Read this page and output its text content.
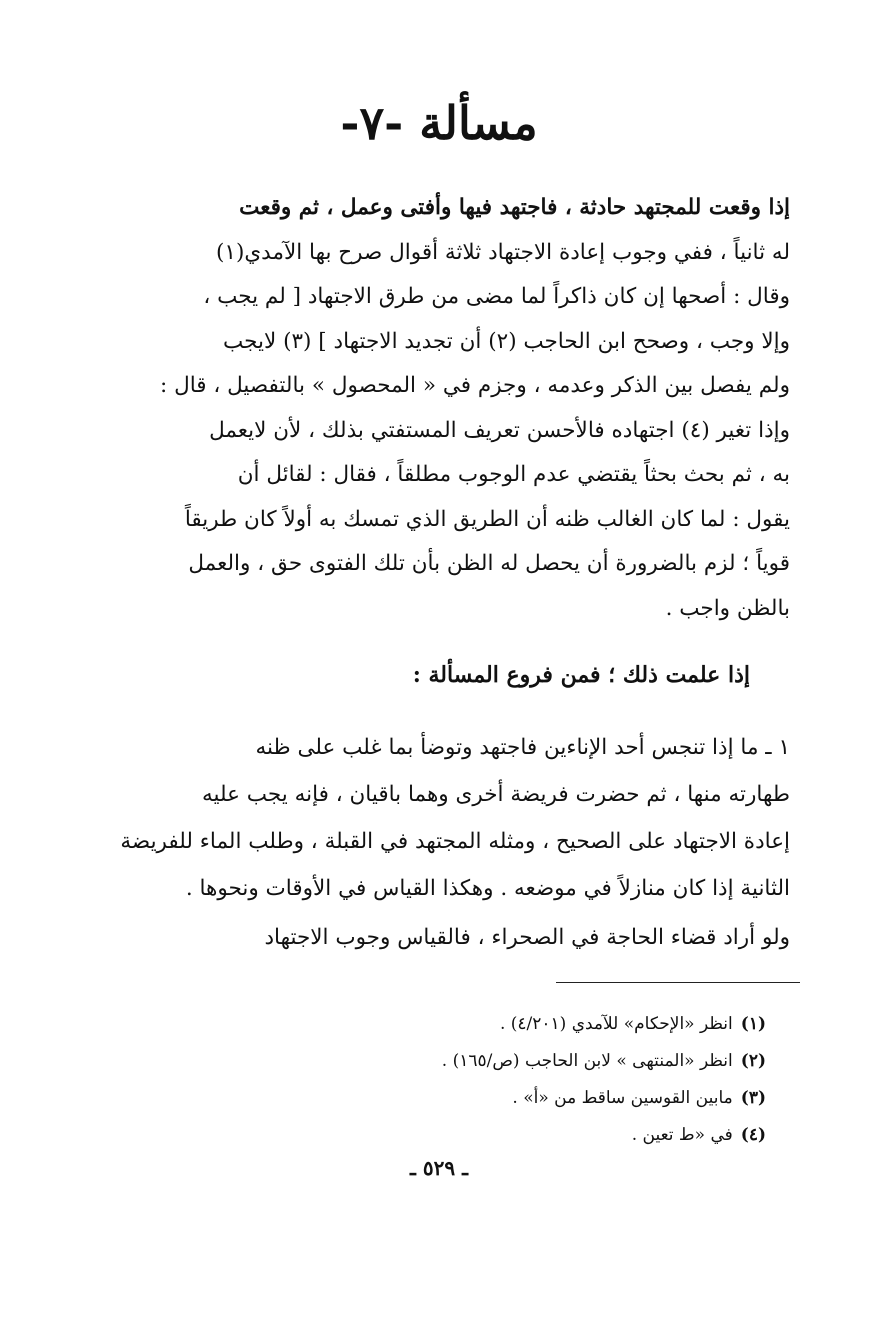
مسألة -٧-
إذا وقعت للمجتهد حادثة ، فاجتهد فيها وأفتى وعمل ، ثم وقعت
له ثانياً ، ففي وجوب إعادة الاجتهاد ثلاثة أقوال صرح بها الآمدي(١)
وقال : أصحها إن كان ذاكراً لما مضى من طرق الاجتهاد [ لم يجب ،
وإلا وجب ، وصحح ابن الحاجب (٢) أن تجديد الاجتهاد ] (٣) لايجب
ولم يفصل بين الذكر وعدمه ، وجزم في « المحصول » بالتفصيل ، قال :
وإذا تغير (٤) اجتهاده فالأحسن تعريف المستفتي بذلك ، لأن لايعمل
به ، ثم بحث بحثاً يقتضي عدم الوجوب مطلقاً ، فقال : لقائل أن
يقول : لما كان الغالب ظنه أن الطريق الذي تمسك به أولاً كان طريقاً
قوياً ؛ لزم بالضرورة أن يحصل له الظن بأن تلك الفتوى حق ، والعمل
بالظن واجب .
إذا علمت ذلك ؛ فمن فروع المسألة :
١ ـ ما إذا تنجس أحد الإناءين فاجتهد وتوضأ بما غلب على ظنه
طهارته منها ، ثم حضرت فريضة أخرى وهما باقيان ، فإنه يجب عليه
إعادة الاجتهاد على الصحيح ، ومثله المجتهد في القبلة ، وطلب الماء للفريضة
الثانية إذا كان منازلاً في موضعه . وهكذا القياس في الأوقات ونحوها .
ولو أراد قضاء الحاجة في الصحراء ، فالقياس وجوب الاجتهاد
(١)انظر «الإحكام» للآمدي (٤/٢٠١) .
(٢)انظر «المنتهى » لابن الحاجب (ص/١٦٥) .
(٣)مابين القوسين ساقط من «أ» .
(٤)في «ط تعين .
ـ ٥٢٩ ـ
